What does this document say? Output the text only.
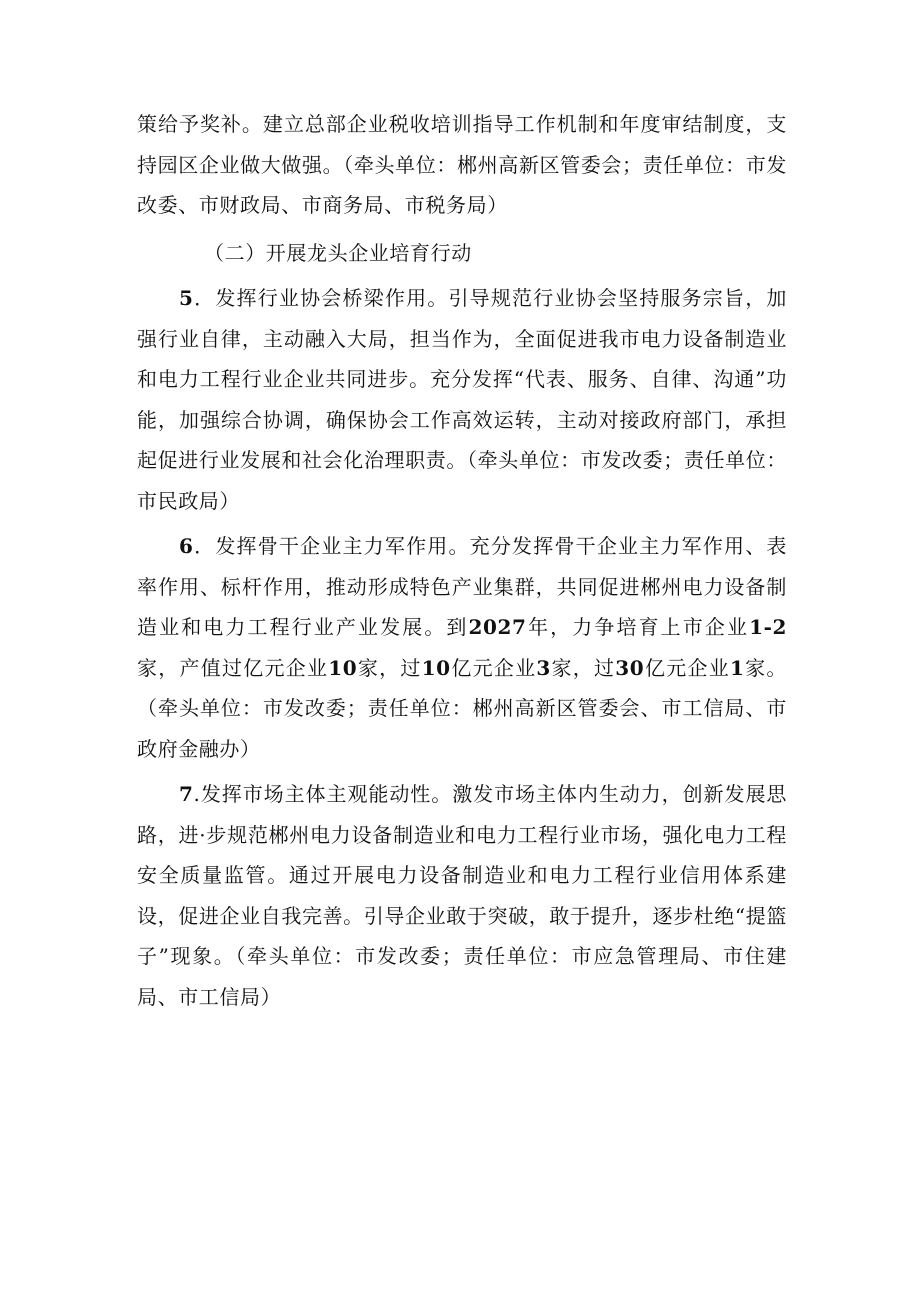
策给予奖补。建立总部企业税收培训指导工作机制和年度审结制度，支持园区企业做大做强。（牵头单位：郴州高新区管委会；责任单位：市发改委、市财政局、市商务局、市税务局）

（二）开展龙头企业培育行动

5．发挥行业协会桥梁作用。引导规范行业协会坚持服务宗旨，加强行业自律，主动融入大局，担当作为，全面促进我市电力设备制造业和电力工程行业企业共同进步。充分发挥“代表、服务、自律、沟通”功能，加强综合协调，确保协会工作高效运转，主动对接政府部门，承担起促进行业发展和社会化治理职责。（牵头单位：市发改委；责任单位：市民政局）

6．发挥骨干企业主力军作用。充分发挥骨干企业主力军作用、表率作用、标杆作用，推动形成特色产业集群，共同促进郴州电力设备制造业和电力工程行业产业发展。到2027年，力争培育上市企业1-2家，产值过亿元企业10家，过10亿元企业3家，过30亿元企业1家。（牵头单位：市发改委；责任单位：郴州高新区管委会、市工信局、市政府金融办）

7.发挥市场主体主观能动性。激发市场主体内生动力，创新发展思路，进·步规范郴州电力设备制造业和电力工程行业市场，强化电力工程安全质量监管。通过开展电力设备制造业和电力工程行业信用体系建设，促进企业自我完善。引导企业敢于突破，敢于提升，逐步杜绝“提篮子”现象。（牵头单位：市发改委；责任单位：市应急管理局、市住建局、市工信局）
